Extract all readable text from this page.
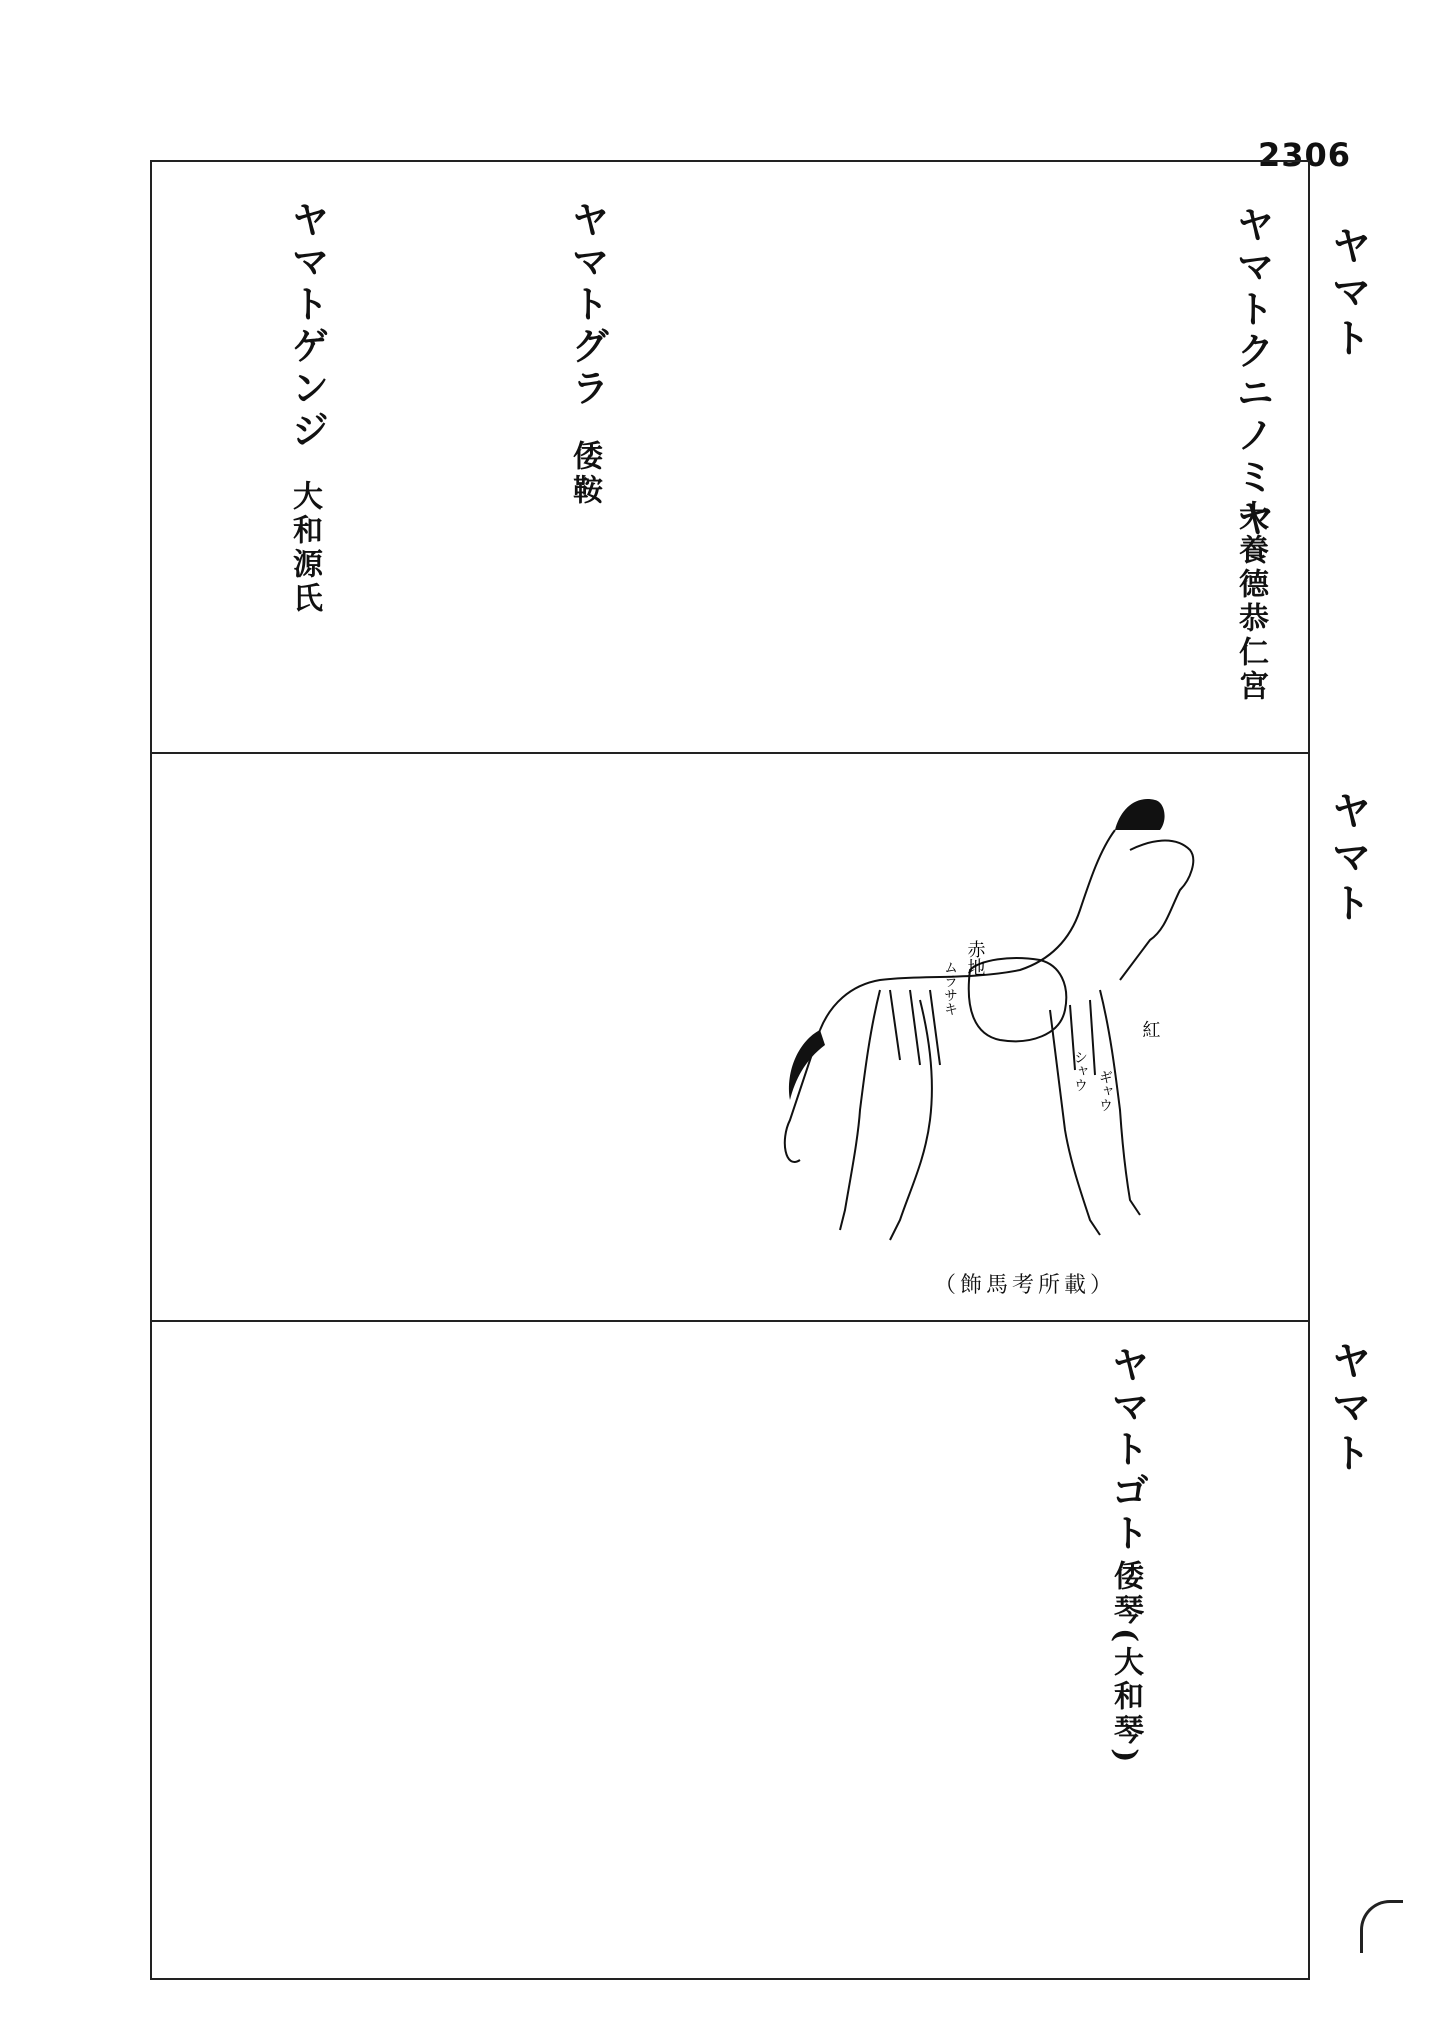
2306
ヤマト
ヤマト
ヤマト
ヤマトクニノミヤ
大養德恭仁宮
ヤマトグラ
倭鞍
ヤマトゲンジ
大和源氏
赤地
ムラサキ
紅
シャウ ギャウ
（飾馬考所載）
ヤマトゴト
倭琴(大和琴)
